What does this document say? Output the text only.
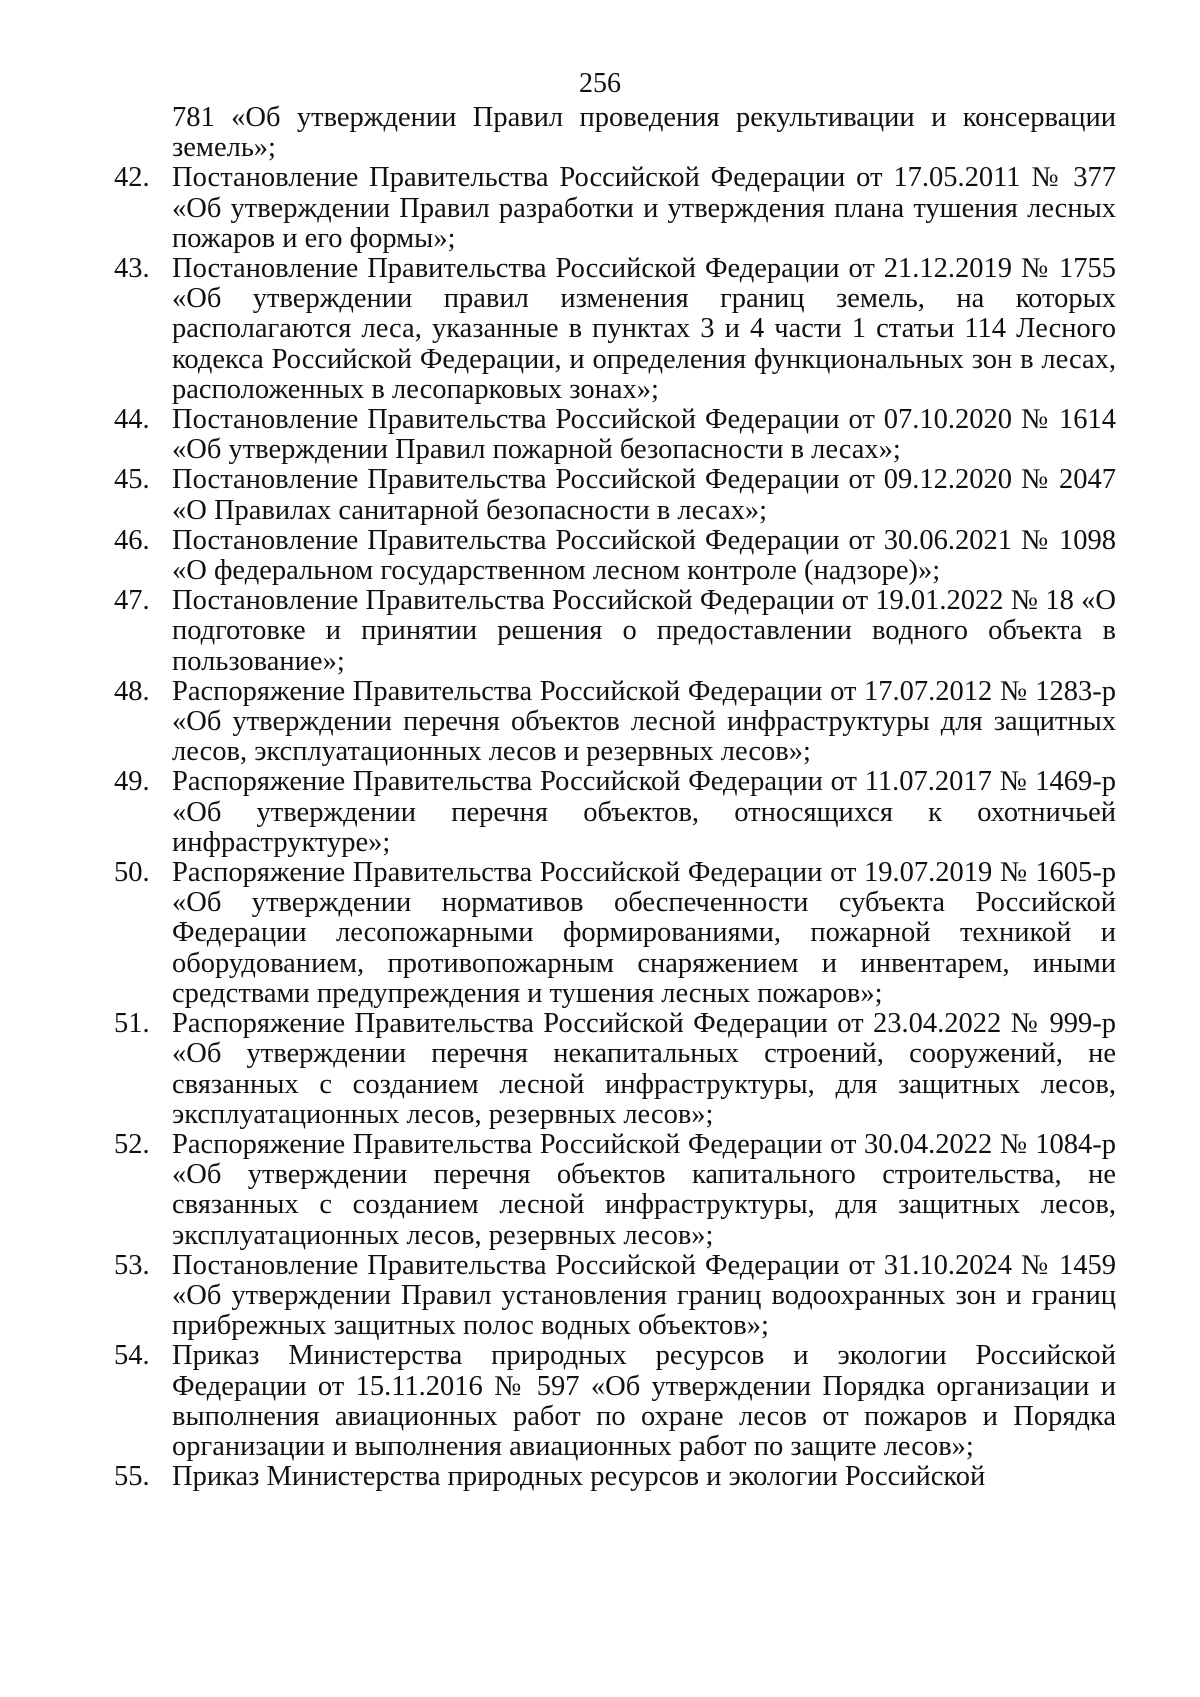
256

781 «Об утверждении Правил проведения рекультивации и консервации земель»;

42. Постановление Правительства Российской Федерации от 17.05.2011 № 377 «Об утверждении Правил разработки и утверждения плана тушения лесных пожаров и его формы»;

43. Постановление Правительства Российской Федерации от 21.12.2019 № 1755 «Об утверждении правил изменения границ земель, на которых располагаются леса, указанные в пунктах 3 и 4 части 1 статьи 114 Лесного кодекса Российской Федерации, и определения функциональных зон в лесах, расположенных в лесопарковых зонах»;

44. Постановление Правительства Российской Федерации от 07.10.2020 № 1614 «Об утверждении Правил пожарной безопасности в лесах»;

45. Постановление Правительства Российской Федерации от 09.12.2020 № 2047 «О Правилах санитарной безопасности в лесах»;

46. Постановление Правительства Российской Федерации от 30.06.2021 № 1098 «О федеральном государственном лесном контроле (надзоре)»;

47. Постановление Правительства Российской Федерации от 19.01.2022 № 18 «О подготовке и принятии решения о предоставлении водного объекта в пользование»;

48. Распоряжение Правительства Российской Федерации от 17.07.2012 № 1283-р «Об утверждении перечня объектов лесной инфраструктуры для защитных лесов, эксплуатационных лесов и резервных лесов»;

49. Распоряжение Правительства Российской Федерации от 11.07.2017 № 1469-р «Об утверждении перечня объектов, относящихся к охотничьей инфраструктуре»;

50. Распоряжение Правительства Российской Федерации от 19.07.2019 № 1605-р «Об утверждении нормативов обеспеченности субъекта Российской Федерации лесопожарными формированиями, пожарной техникой и оборудованием, противопожарным снаряжением и инвентарем, иными средствами предупреждения и тушения лесных пожаров»;

51. Распоряжение Правительства Российской Федерации от 23.04.2022 № 999-р «Об утверждении перечня некапитальных строений, сооружений, не связанных с созданием лесной инфраструктуры, для защитных лесов, эксплуатационных лесов, резервных лесов»;

52. Распоряжение Правительства Российской Федерации от 30.04.2022 № 1084-р «Об утверждении перечня объектов капитального строительства, не связанных с созданием лесной инфраструктуры, для защитных лесов, эксплуатационных лесов, резервных лесов»;

53. Постановление Правительства Российской Федерации от 31.10.2024 № 1459 «Об утверждении Правил установления границ водоохранных зон и границ прибрежных защитных полос водных объектов»;

54. Приказ Министерства природных ресурсов и экологии Российской Федерации от 15.11.2016 № 597 «Об утверждении Порядка организации и выполнения авиационных работ по охране лесов от пожаров и Порядка организации и выполнения авиационных работ по защите лесов»;

55. Приказ Министерства природных ресурсов и экологии Российской
